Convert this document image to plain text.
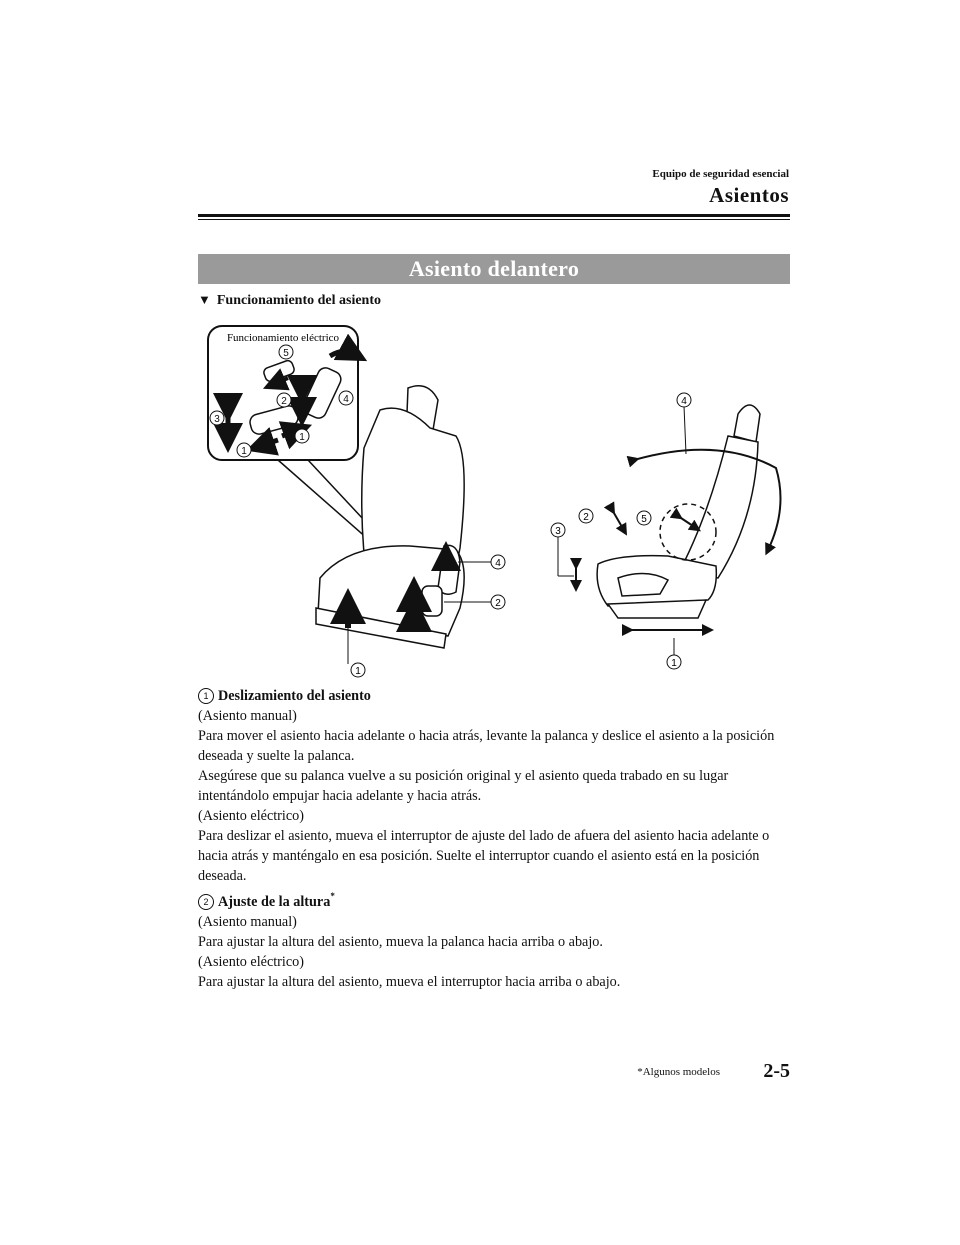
Equipo de seguridad esencial
Asientos
Asiento delantero
▼ Funcionamiento del asiento
Funcionamiento eléctrico
5
2	4
3
1
1
4
2
1
4
2	5
3
1

1 Deslizamiento del asiento

(Asiento manual)

Para mover el asiento hacia adelante o hacia atrás, levante la palanca y deslice el asiento a la posición deseada y suelte la palanca.

Asegúrese que su palanca vuelve a su posición original y el asiento queda trabado en su lugar intentándolo empujar hacia adelante y hacia atrás.

(Asiento eléctrico)

Para deslizar el asiento, mueva el interruptor de ajuste del lado de afuera del asiento hacia adelante o hacia atrás y manténgalo en esa posición. Suelte el interruptor cuando el asiento está en la posición deseada.

2 Ajuste de la altura*

(Asiento manual)

Para ajustar la altura del asiento, mueva la palanca hacia arriba o abajo.

(Asiento eléctrico)

Para ajustar la altura del asiento, mueva el interruptor hacia arriba o abajo.

*Algunos modelos	2-5
